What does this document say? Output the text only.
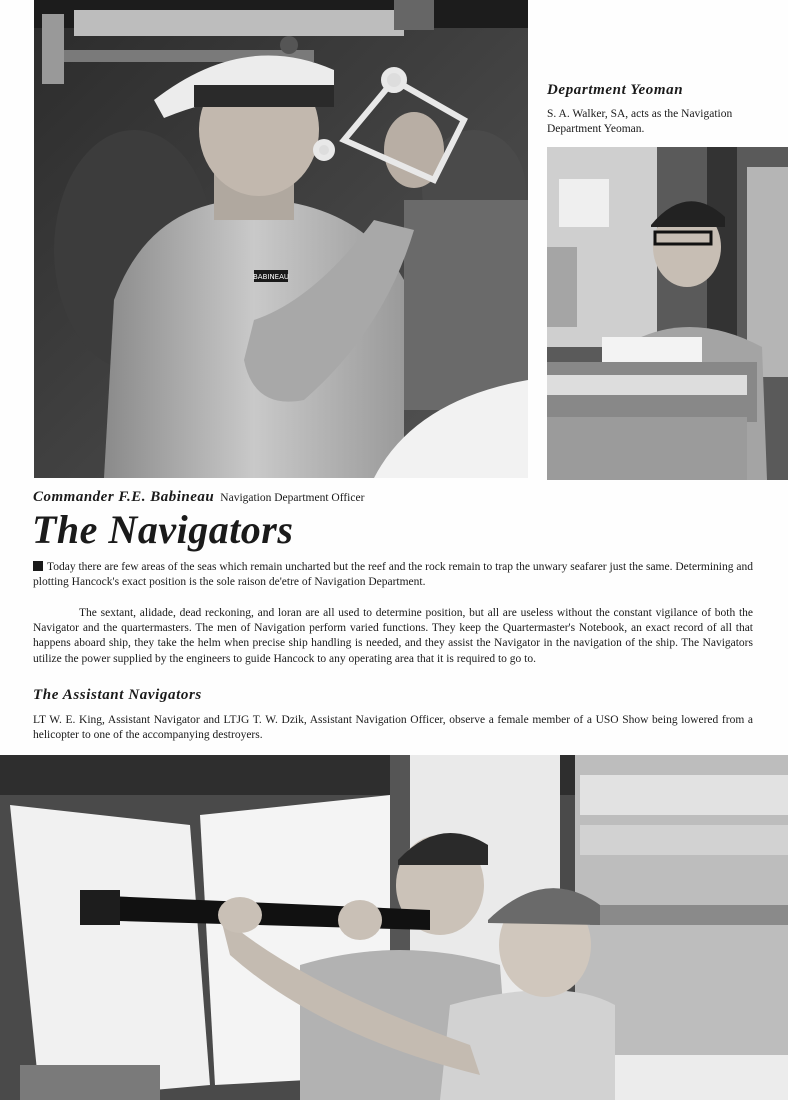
BABINEAU
Department Yeoman
S. A. Walker, SA, acts as the Navigation Department Yeoman.
Commander F.E. Babineau Navigation Department Officer
The Navigators

Today there are few areas of the seas which remain uncharted but the reef and the rock remain to trap the unwary seafarer just the same. Determining and plotting Hancock's exact position is the sole raison de'etre of Navigation Department.

The sextant, alidade, dead reckoning, and loran are all used to determine position, but all are useless without the constant vigilance of both the Navigator and the quartermasters. The men of Navigation perform varied functions. They keep the Quartermaster's Notebook, an exact record of all that happens aboard ship, they take the helm when precise ship handling is needed, and they assist the Navigator in the navigation of the ship. The Navigators utilize the power supplied by the engineers to guide Hancock to any operating area that it is required to go to.

The Assistant Navigators

LT W. E. King, Assistant Navigator and LTJG T. W. Dzik, Assistant Navigation Officer, observe a female member of a USO Show being lowered from a helicopter to one of the accompanying destroyers.
